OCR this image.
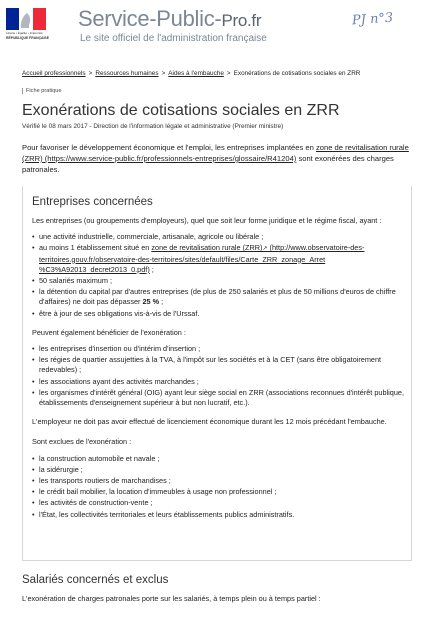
Liberté • Égalité • Fraternité
RÉPUBLIQUE FRANÇAISE
Service-Public-Pro.fr
Le site officiel de l'administration française
PJ n°3
Accueil professionnels > Ressources humaines > Aides à l'embauche > Exonérations de cotisations sociales en ZRR
Fiche pratique
Exonérations de cotisations sociales en ZRR
Vérifié le 08 mars 2017 - Direction de l'information légale et administrative (Premier ministre)
Pour favoriser le développement économique et l'emploi, les entreprises implantées en zone de revitalisation rurale (ZRR) (https://www.service-public.fr/professionnels-entreprises/glossaire/R41204) sont exonérées des charges patronales.
Entreprises concernées

Les entreprises (ou groupements d'employeurs), quel que soit leur forme juridique et le régime fiscal, ayant :

• une activité industrielle, commerciale, artisanale, agricole ou libérale ;
• au moins 1 établissement situé en zone de revitalisation rurale (ZRR)↗ (http://www.observatoire-des-territoires.gouv.fr/observatoire-des-territoires/sites/default/files/Carte_ZRR_zonage_Arret %C3%A92013_decret2013_0.pdf) ;
• 50 salariés maximum ;
• la détention du capital par d'autres entreprises (de plus de 250 salariés et plus de 50 millions d'euros de chiffre d'affaires) ne doit pas dépasser 25 % ;
• être à jour de ses obligations vis-à-vis de l'Urssaf.

Peuvent également bénéficier de l'exonération :

• les entreprises d'insertion ou d'intérim d'insertion ;
• les régies de quartier assujetties à la TVA, à l'impôt sur les sociétés et à la CET (sans être obligatoirement redevables) ;
• les associations ayant des activités marchandes ;
• les organismes d'intérêt général (OIG) ayant leur siège social en ZRR (associations reconnues d'intérêt publique, établissements d'enseignement supérieur à but non lucratif, etc.).

L'employeur ne doit pas avoir effectué de licenciement économique durant les 12 mois précédant l'embauche.

Sont exclues de l'exonération :

• la construction automobile et navale ;
• la sidérurgie ;
• les transports routiers de marchandises ;
• le crédit bail mobilier, la location d'immeubles à usage non professionnel ;
• les activités de construction-vente ;
• l'État, les collectivités territoriales et leurs établissements publics administratifs.
Salariés concernés et exclus
L'exonération de charges patronales porte sur les salariés, à temps plein ou à temps partiel :
